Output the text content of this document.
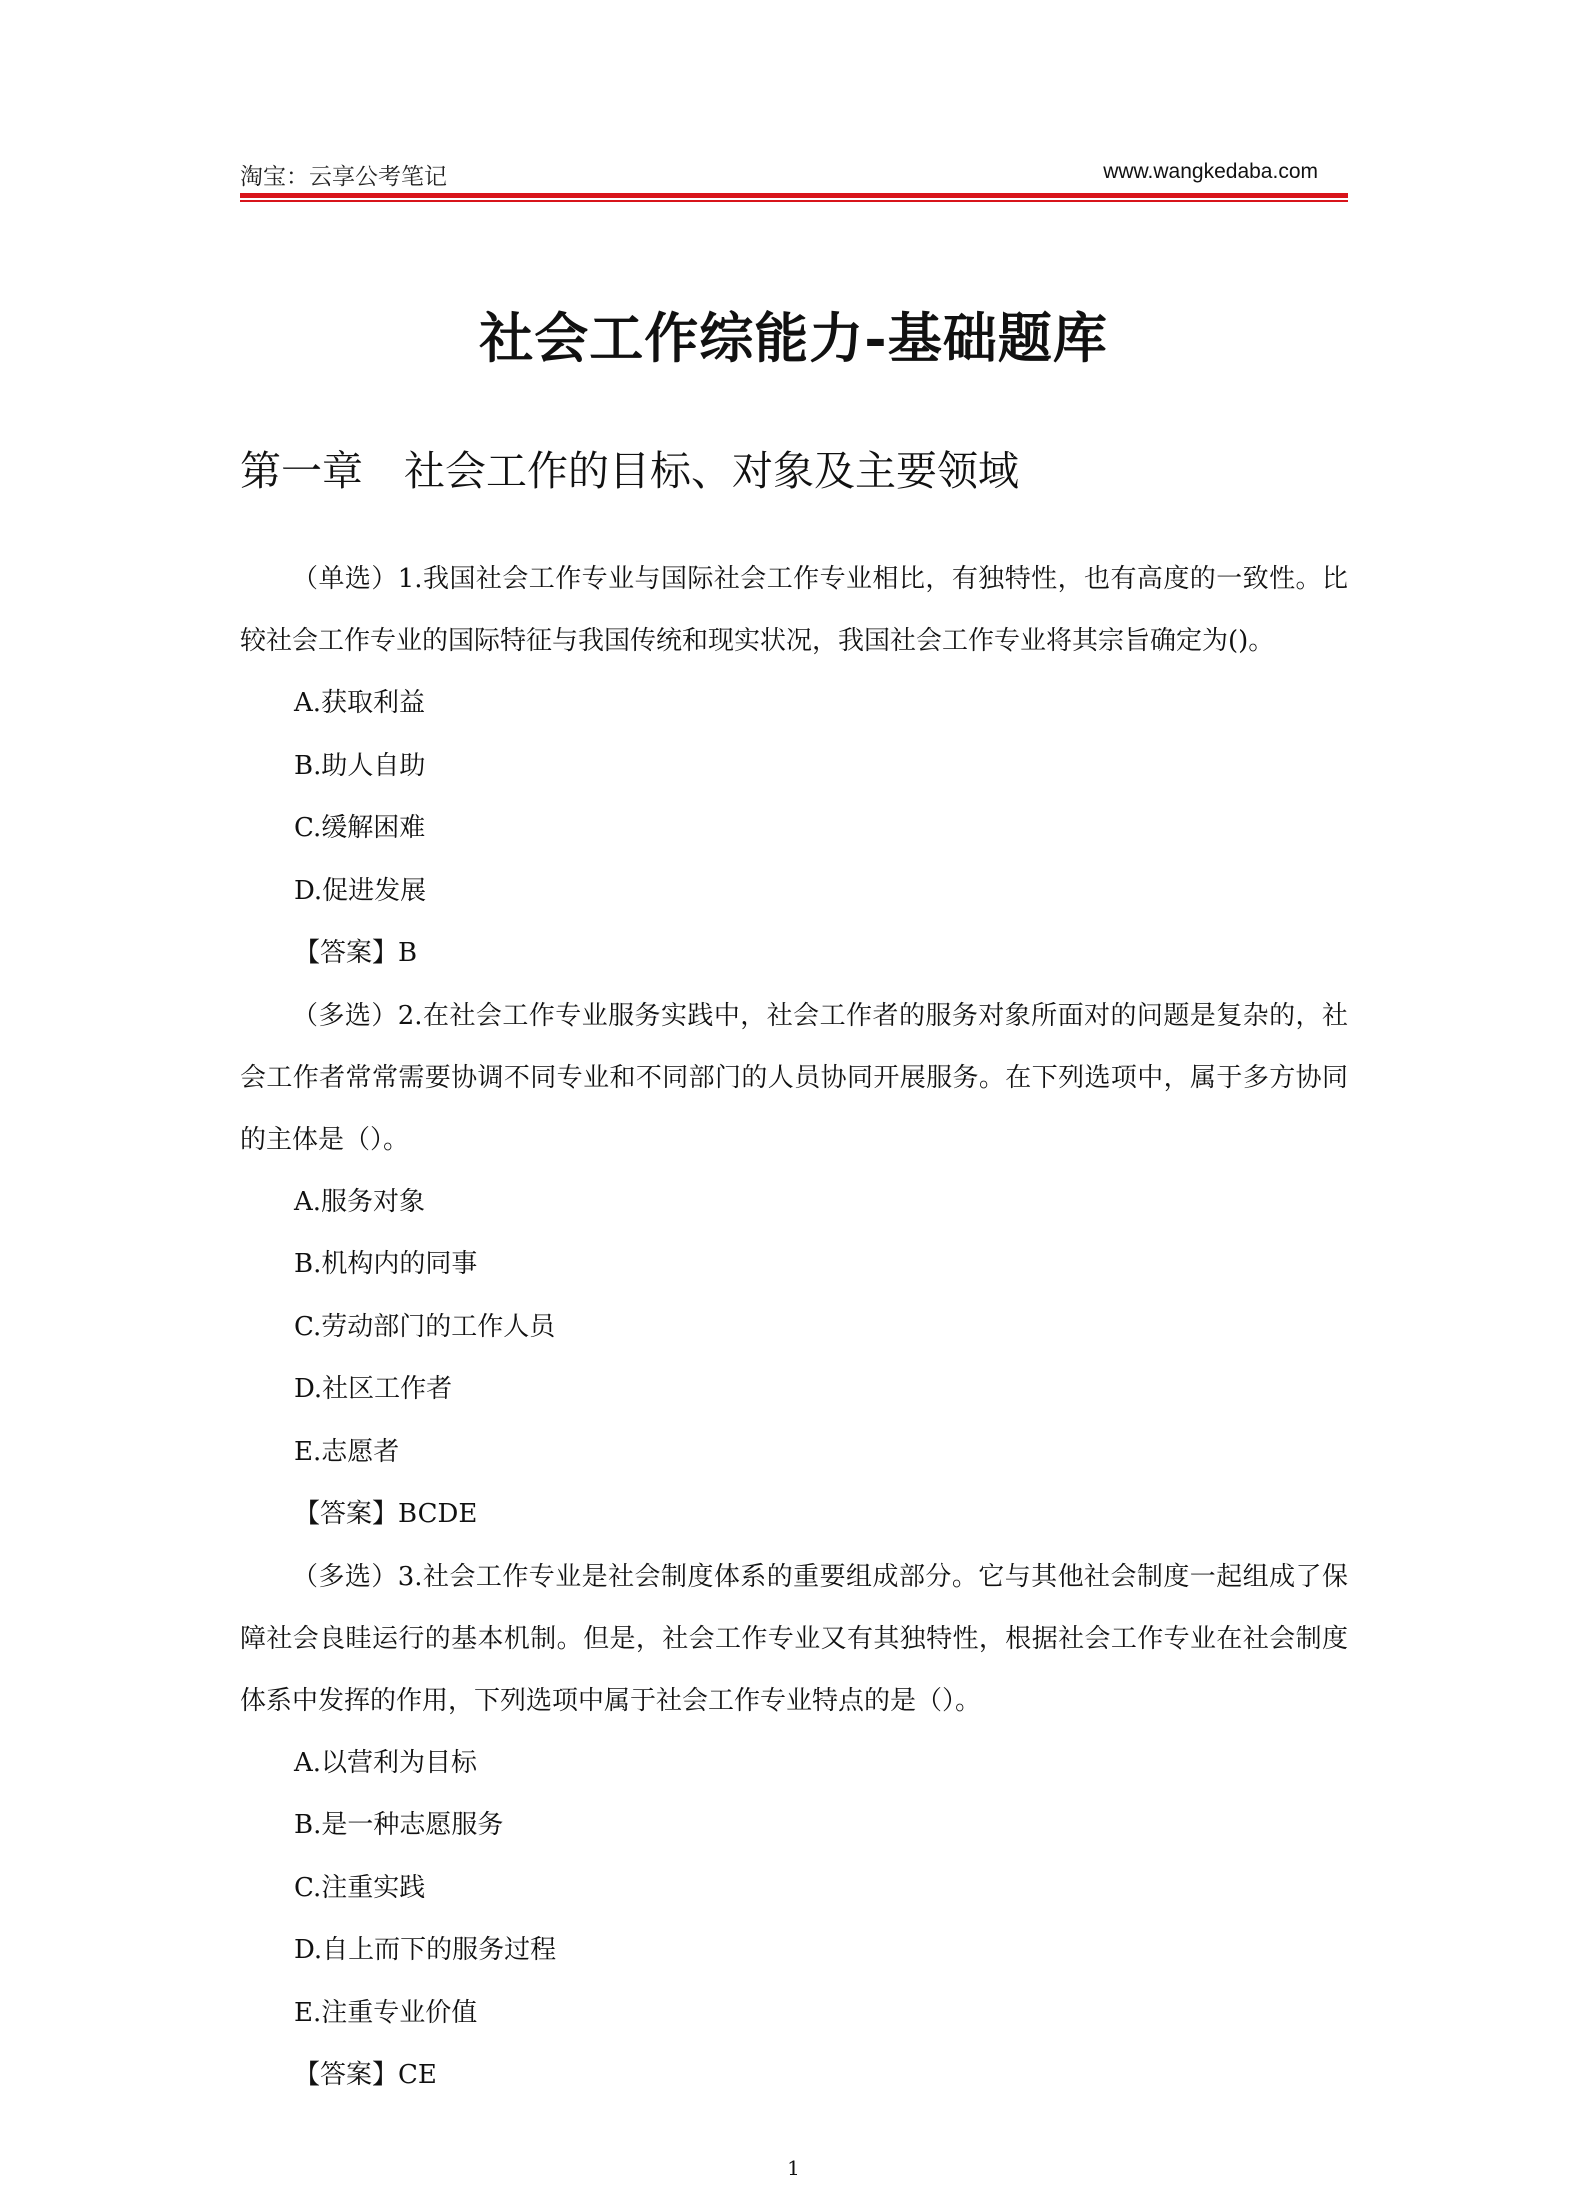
淘宝：云享公考笔记	www.wangkedaba.com
社会工作综能力-基础题库
第一章　社会工作的目标、对象及主要领域

（单选）1.我国社会工作专业与国际社会工作专业相比，有独特性，也有高度的一致性。比较社会工作专业的国际特征与我国传统和现实状况，我国社会工作专业将其宗旨确定为()。

A.获取利益

B.助人自助

C.缓解困难

D.促进发展

【答案】B

（多选）2.在社会工作专业服务实践中，社会工作者的服务对象所面对的问题是复杂的，社会工作者常常需要协调不同专业和不同部门的人员协同开展服务。在下列选项中，属于多方协同的主体是（）。

A.服务对象

B.机构内的同事

C.劳动部门的工作人员

D.社区工作者

E.志愿者

【答案】BCDE

（多选）3.社会工作专业是社会制度体系的重要组成部分。它与其他社会制度一起组成了保障社会良眭运行的基本机制。但是，社会工作专业又有其独特性，根据社会工作专业在社会制度体系中发挥的作用，下列选项中属于社会工作专业特点的是（）。

A.以营利为目标

B.是一种志愿服务

C.注重实践

D.自上而下的服务过程

E.注重专业价值

【答案】CE

1
